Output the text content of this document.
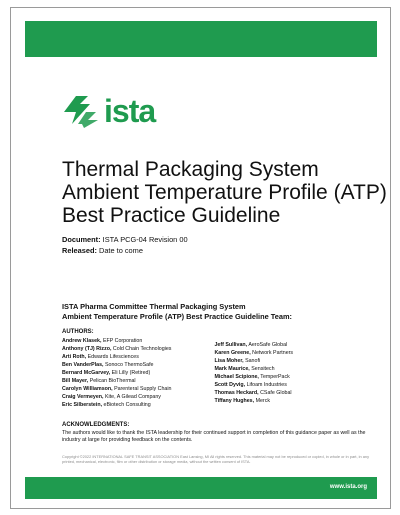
ista
Thermal Packaging System
Ambient Temperature Profile (ATP)
Best Practice Guideline
Document: ISTA PCG-04 Revision 00
Released: Date to come
ISTA Pharma Committee Thermal Packaging System
Ambient Temperature Profile (ATP) Best Practice Guideline Team:
AUTHORS:
Andrew Klasek, EFP Corporation
Anthony (TJ) Rizzo, Cold Chain Technologies
Arti Roth, Edwards Lifesciences
Ben VanderPlas, Sonoco ThermoSafe
Bernard McGarvey, Eli Lilly (Retired)
Bill Mayer, Pelican BioThermal
Carolyn Williamson, Parenteral Supply Chain
Craig Vermeyen, Kite, A Gilead Company
Eric Silberstein, eBiotech Consulting
Jeff Sullivan, AeroSafe Global
Karen Greene, Network Partners
Lisa Moher, Sanofi
Mark Maurice, Sensitech
Michael Scipione, TemperPack
Scott Dyvig, Lifoam Industries
Thomas Heckard, CSafe Global
Tiffany Hughes, Merck
ACKNOWLEDGMENTS:
The authors would like to thank the ISTA leadership for their continued support in completion of this guidance paper as well as the industry at large for providing feedback on the contents.
Copyright ©2022 INTERNATIONAL SAFE TRANSIT ASSOCIATION East Lansing, MI All rights reserved. This material may not be reproduced or copied, in whole or in part, in any printed, mechanical, electronic, film or other distribution or storage media, without the written consent of ISTA.
www.ista.org
